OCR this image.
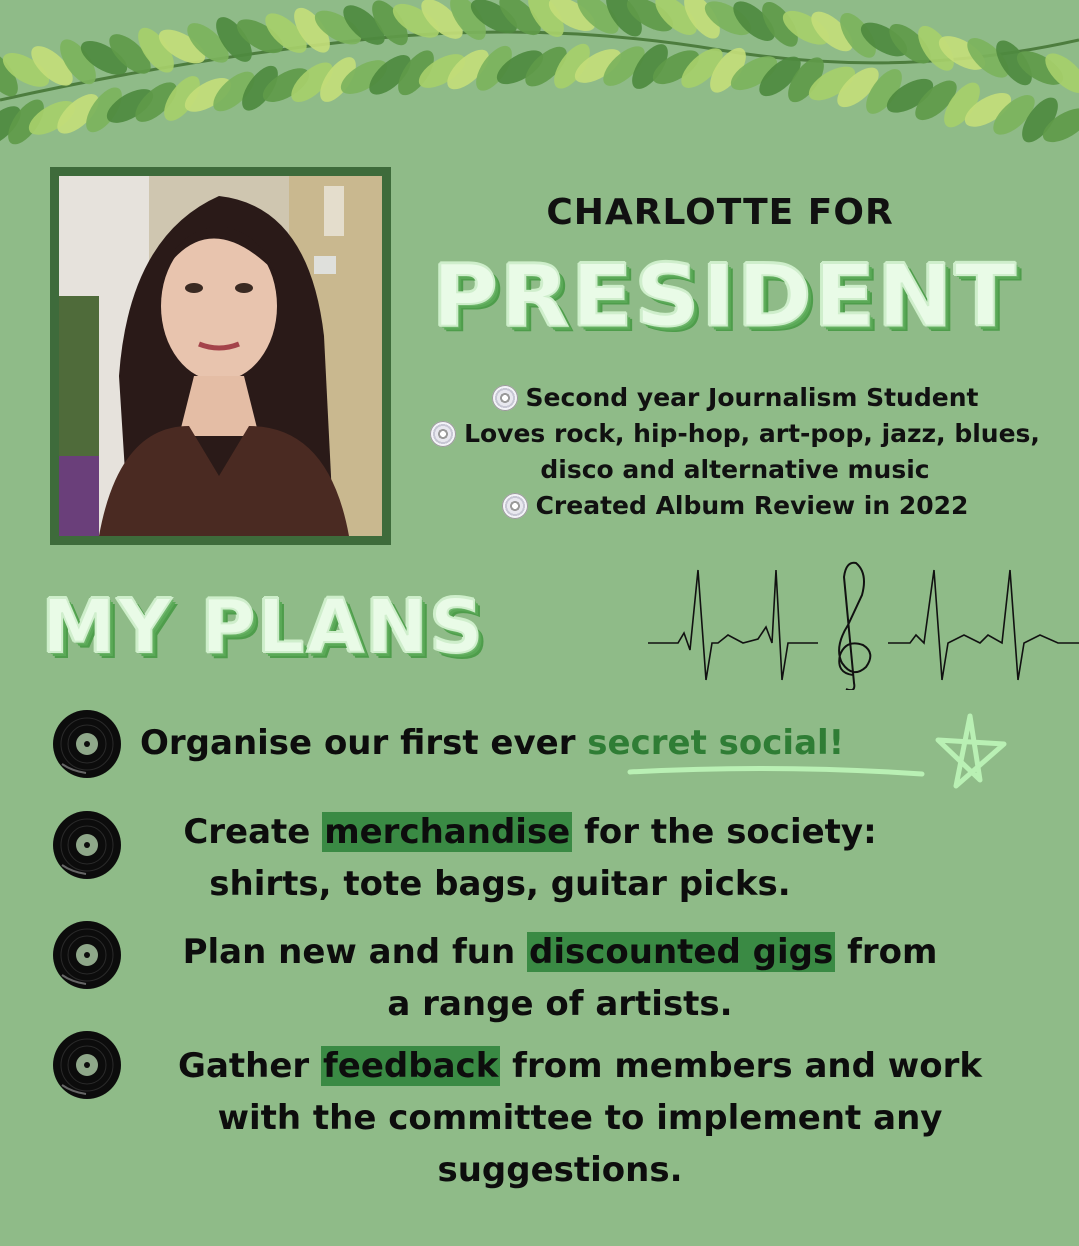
CHARLOTTE FOR
PRESIDENT
Second year Journalism Student
Loves rock, hip-hop, art-pop, jazz, blues,
disco and alternative music
Created Album Review in 2022
MY PLANS
Organise our first ever secret social!
Create merchandise for the society:
shirts, tote bags, guitar picks.
Plan new and fun discounted gigs from
a range of artists.
Gather feedback from members and work
with the committee to implement any
suggestions.
